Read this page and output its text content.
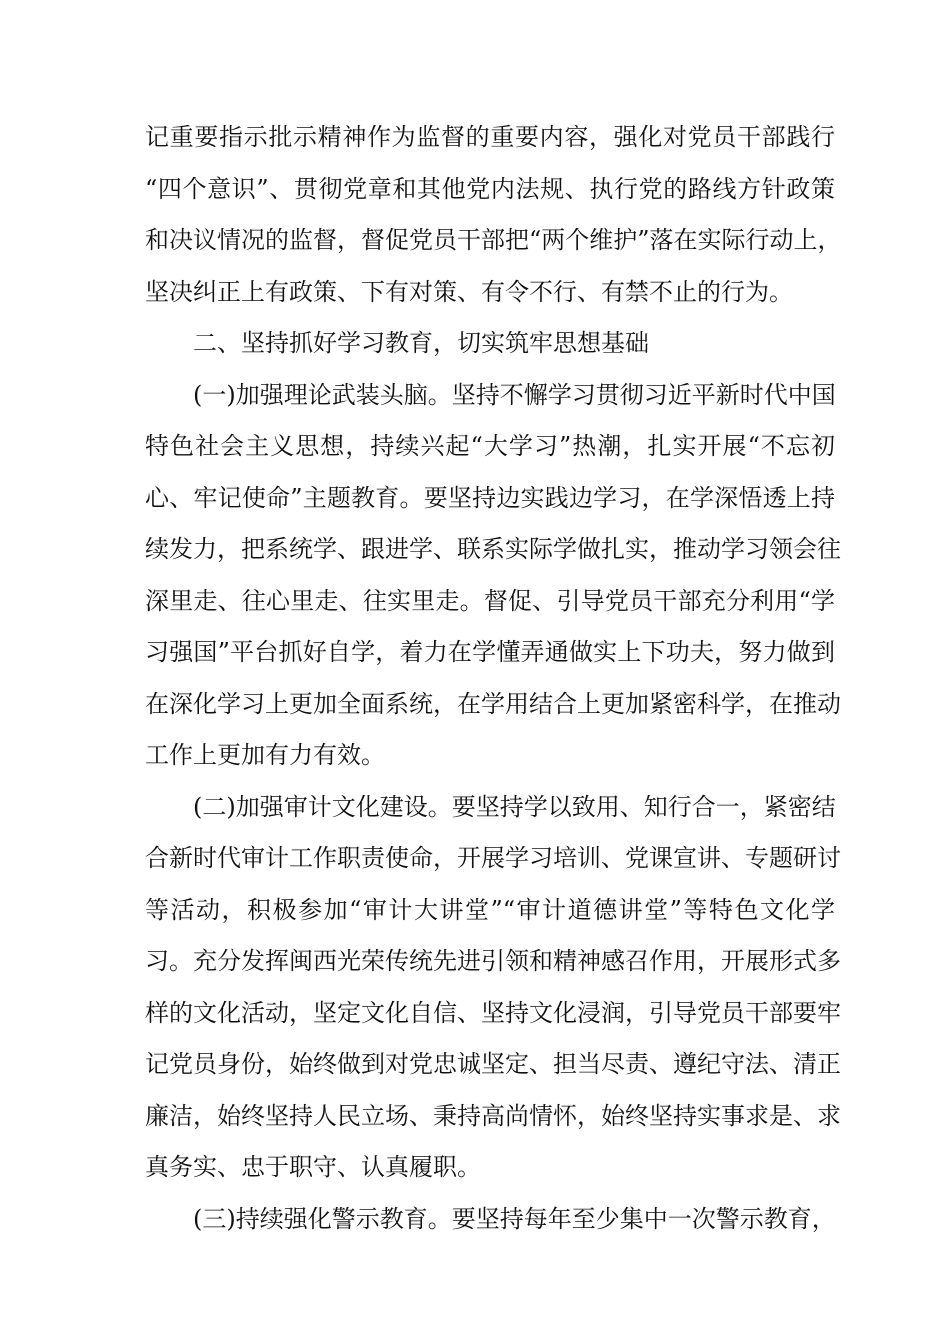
记重要指示批示精神作为监督的重要内容，强化对党员干部践行
“四个意识”、贯彻党章和其他党内法规、执行党的路线方针政策
和决议情况的监督，督促党员干部把“两个维护”落在实际行动上，
坚决纠正上有政策、下有对策、有令不行、有禁不止的行为。
二、坚持抓好学习教育，切实筑牢思想基础
(一)加强理论武装头脑。坚持不懈学习贯彻习近平新时代中国
特色社会主义思想，持续兴起“大学习”热潮，扎实开展“不忘初
心、牢记使命”主题教育。要坚持边实践边学习，在学深悟透上持
续发力，把系统学、跟进学、联系实际学做扎实，推动学习领会往
深里走、往心里走、往实里走。督促、引导党员干部充分利用“学
习强国”平台抓好自学，着力在学懂弄通做实上下功夫，努力做到
在深化学习上更加全面系统，在学用结合上更加紧密科学，在推动
工作上更加有力有效。
(二)加强审计文化建设。要坚持学以致用、知行合一，紧密结
合新时代审计工作职责使命，开展学习培训、党课宣讲、专题研讨
等活动，积极参加“审计大讲堂”“审计道德讲堂”等特色文化学
习。充分发挥闽西光荣传统先进引领和精神感召作用，开展形式多
样的文化活动，坚定文化自信、坚持文化浸润，引导党员干部要牢
记党员身份，始终做到对党忠诚坚定、担当尽责、遵纪守法、清正
廉洁，始终坚持人民立场、秉持高尚情怀，始终坚持实事求是、求
真务实、忠于职守、认真履职。
(三)持续强化警示教育。要坚持每年至少集中一次警示教育，
